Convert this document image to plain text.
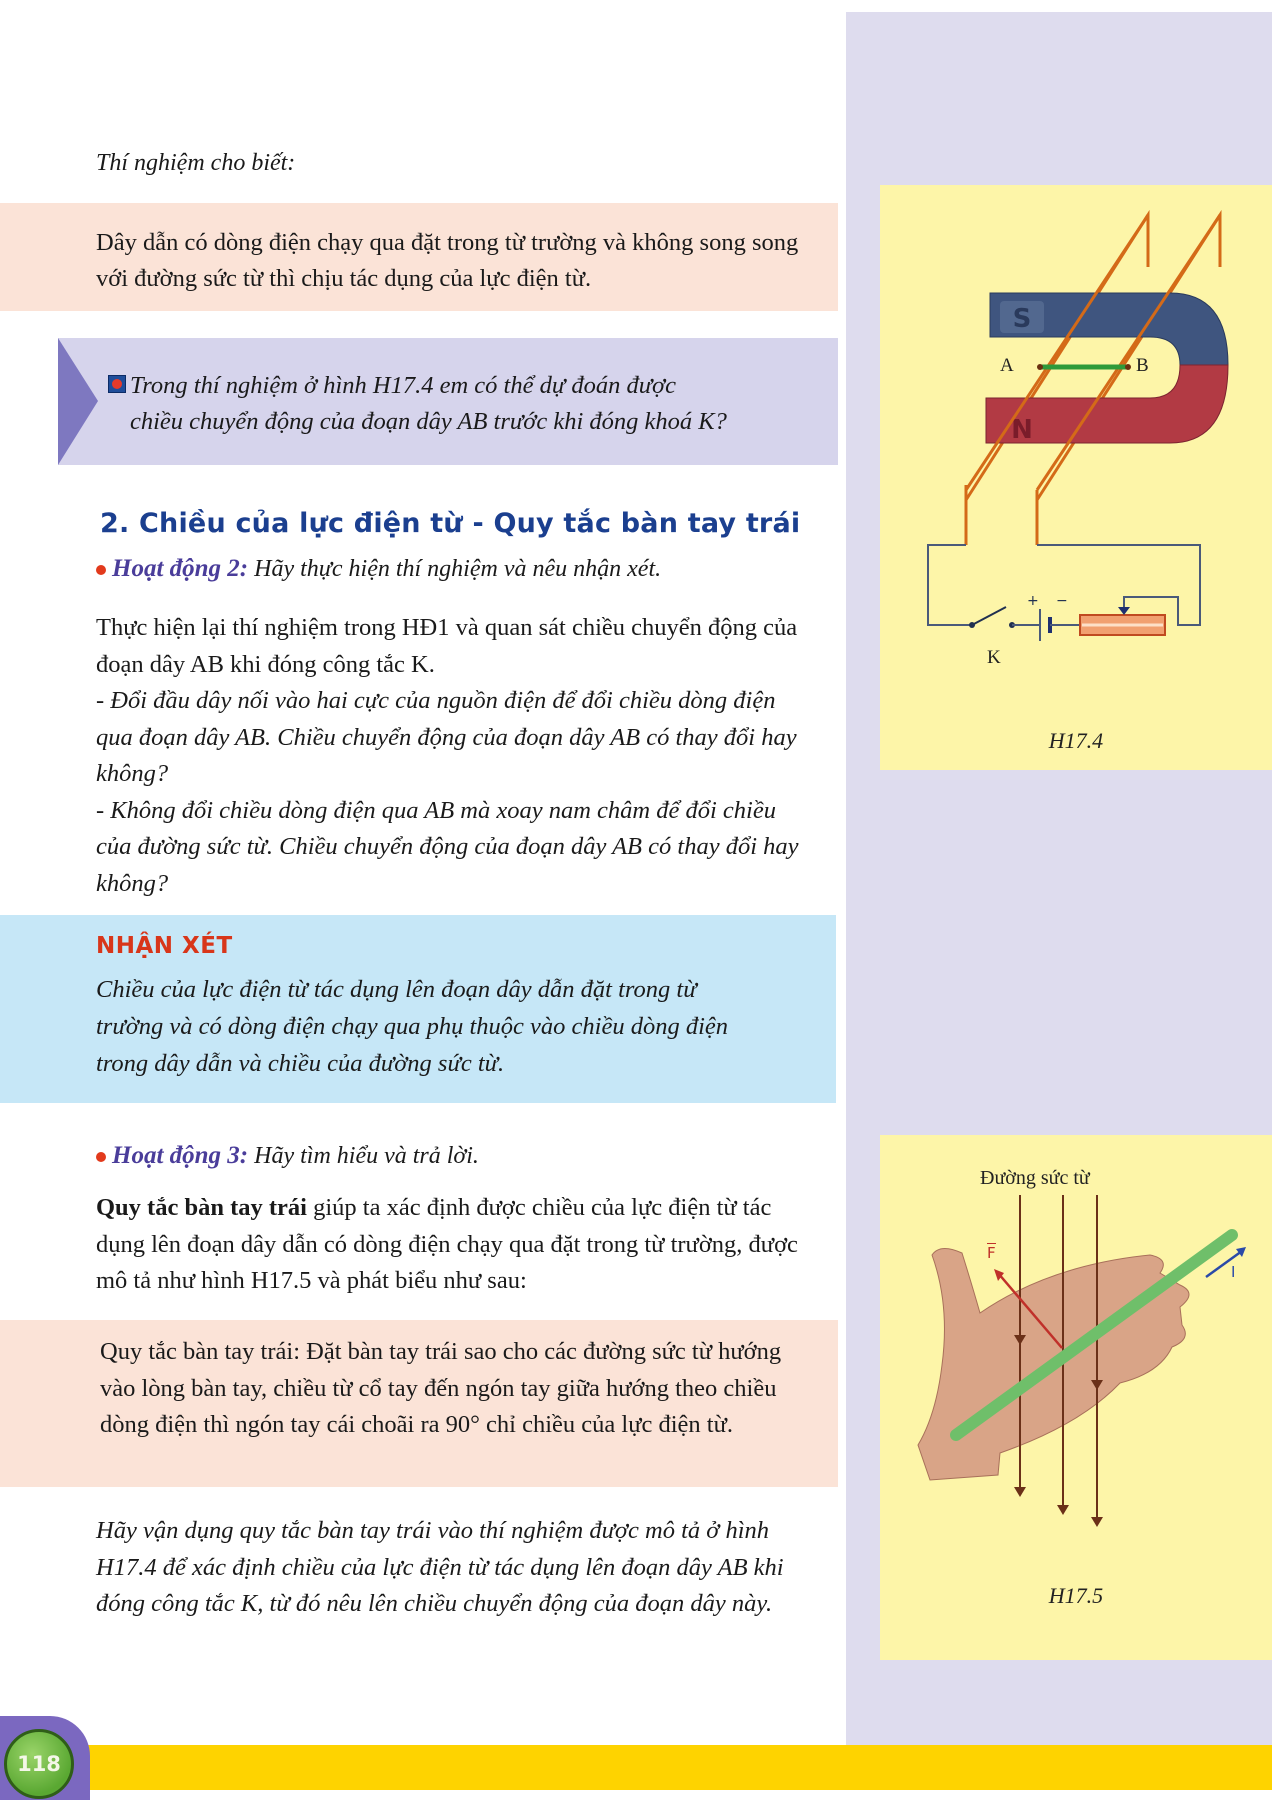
S
N
+ −
A	B
K
H17.4
Đường sức từ
F
I
H17.5
Thí nghiệm cho biết:
Dây dẫn có dòng điện chạy qua đặt trong từ trường và không song song với đường sức từ thì chịu tác dụng của lực điện từ.
Trong thí nghiệm ở hình H17.4 em có thể dự đoán được

chiều chuyển động của đoạn dây AB trước khi đóng khoá K?
2. Chiều của lực điện từ - Quy tắc bàn tay trái
Hoạt động 2: Hãy thực hiện thí nghiệm và nêu nhận xét.
Thực hiện lại thí nghiệm trong HĐ1 và quan sát chiều chuyển động của đoạn dây AB khi đóng công tắc K.
- Đổi đầu dây nối vào hai cực của nguồn điện để đổi chiều dòng điện qua đoạn dây AB. Chiều chuyển động của đoạn dây AB có thay đổi hay không?
- Không đổi chiều dòng điện qua AB mà xoay nam châm để đổi chiều của đường sức từ. Chiều chuyển động của đoạn dây AB có thay đổi hay không?
NHẬN XÉT
Chiều của lực điện từ tác dụng lên đoạn dây dẫn đặt trong từ trường và có dòng điện chạy qua phụ thuộc vào chiều dòng điện trong dây dẫn và chiều của đường sức từ.
Hoạt động 3: Hãy tìm hiểu và trả lời.
Quy tắc bàn tay trái giúp ta xác định được chiều của lực điện từ tác dụng lên đoạn dây dẫn có dòng điện chạy qua đặt trong từ trường, được mô tả như hình H17.5 và phát biểu như sau:
Quy tắc bàn tay trái: Đặt bàn tay trái sao cho các đường sức từ hướng vào lòng bàn tay, chiều từ cổ tay đến ngón tay giữa hướng theo chiều dòng điện thì ngón tay cái choãi ra 90° chỉ chiều của lực điện từ.
Hãy vận dụng quy tắc bàn tay trái vào thí nghiệm được mô tả ở hình H17.4 để xác định chiều của lực điện từ tác dụng lên đoạn dây AB khi đóng công tắc K, từ đó nêu lên chiều chuyển động của đoạn dây này.
118
